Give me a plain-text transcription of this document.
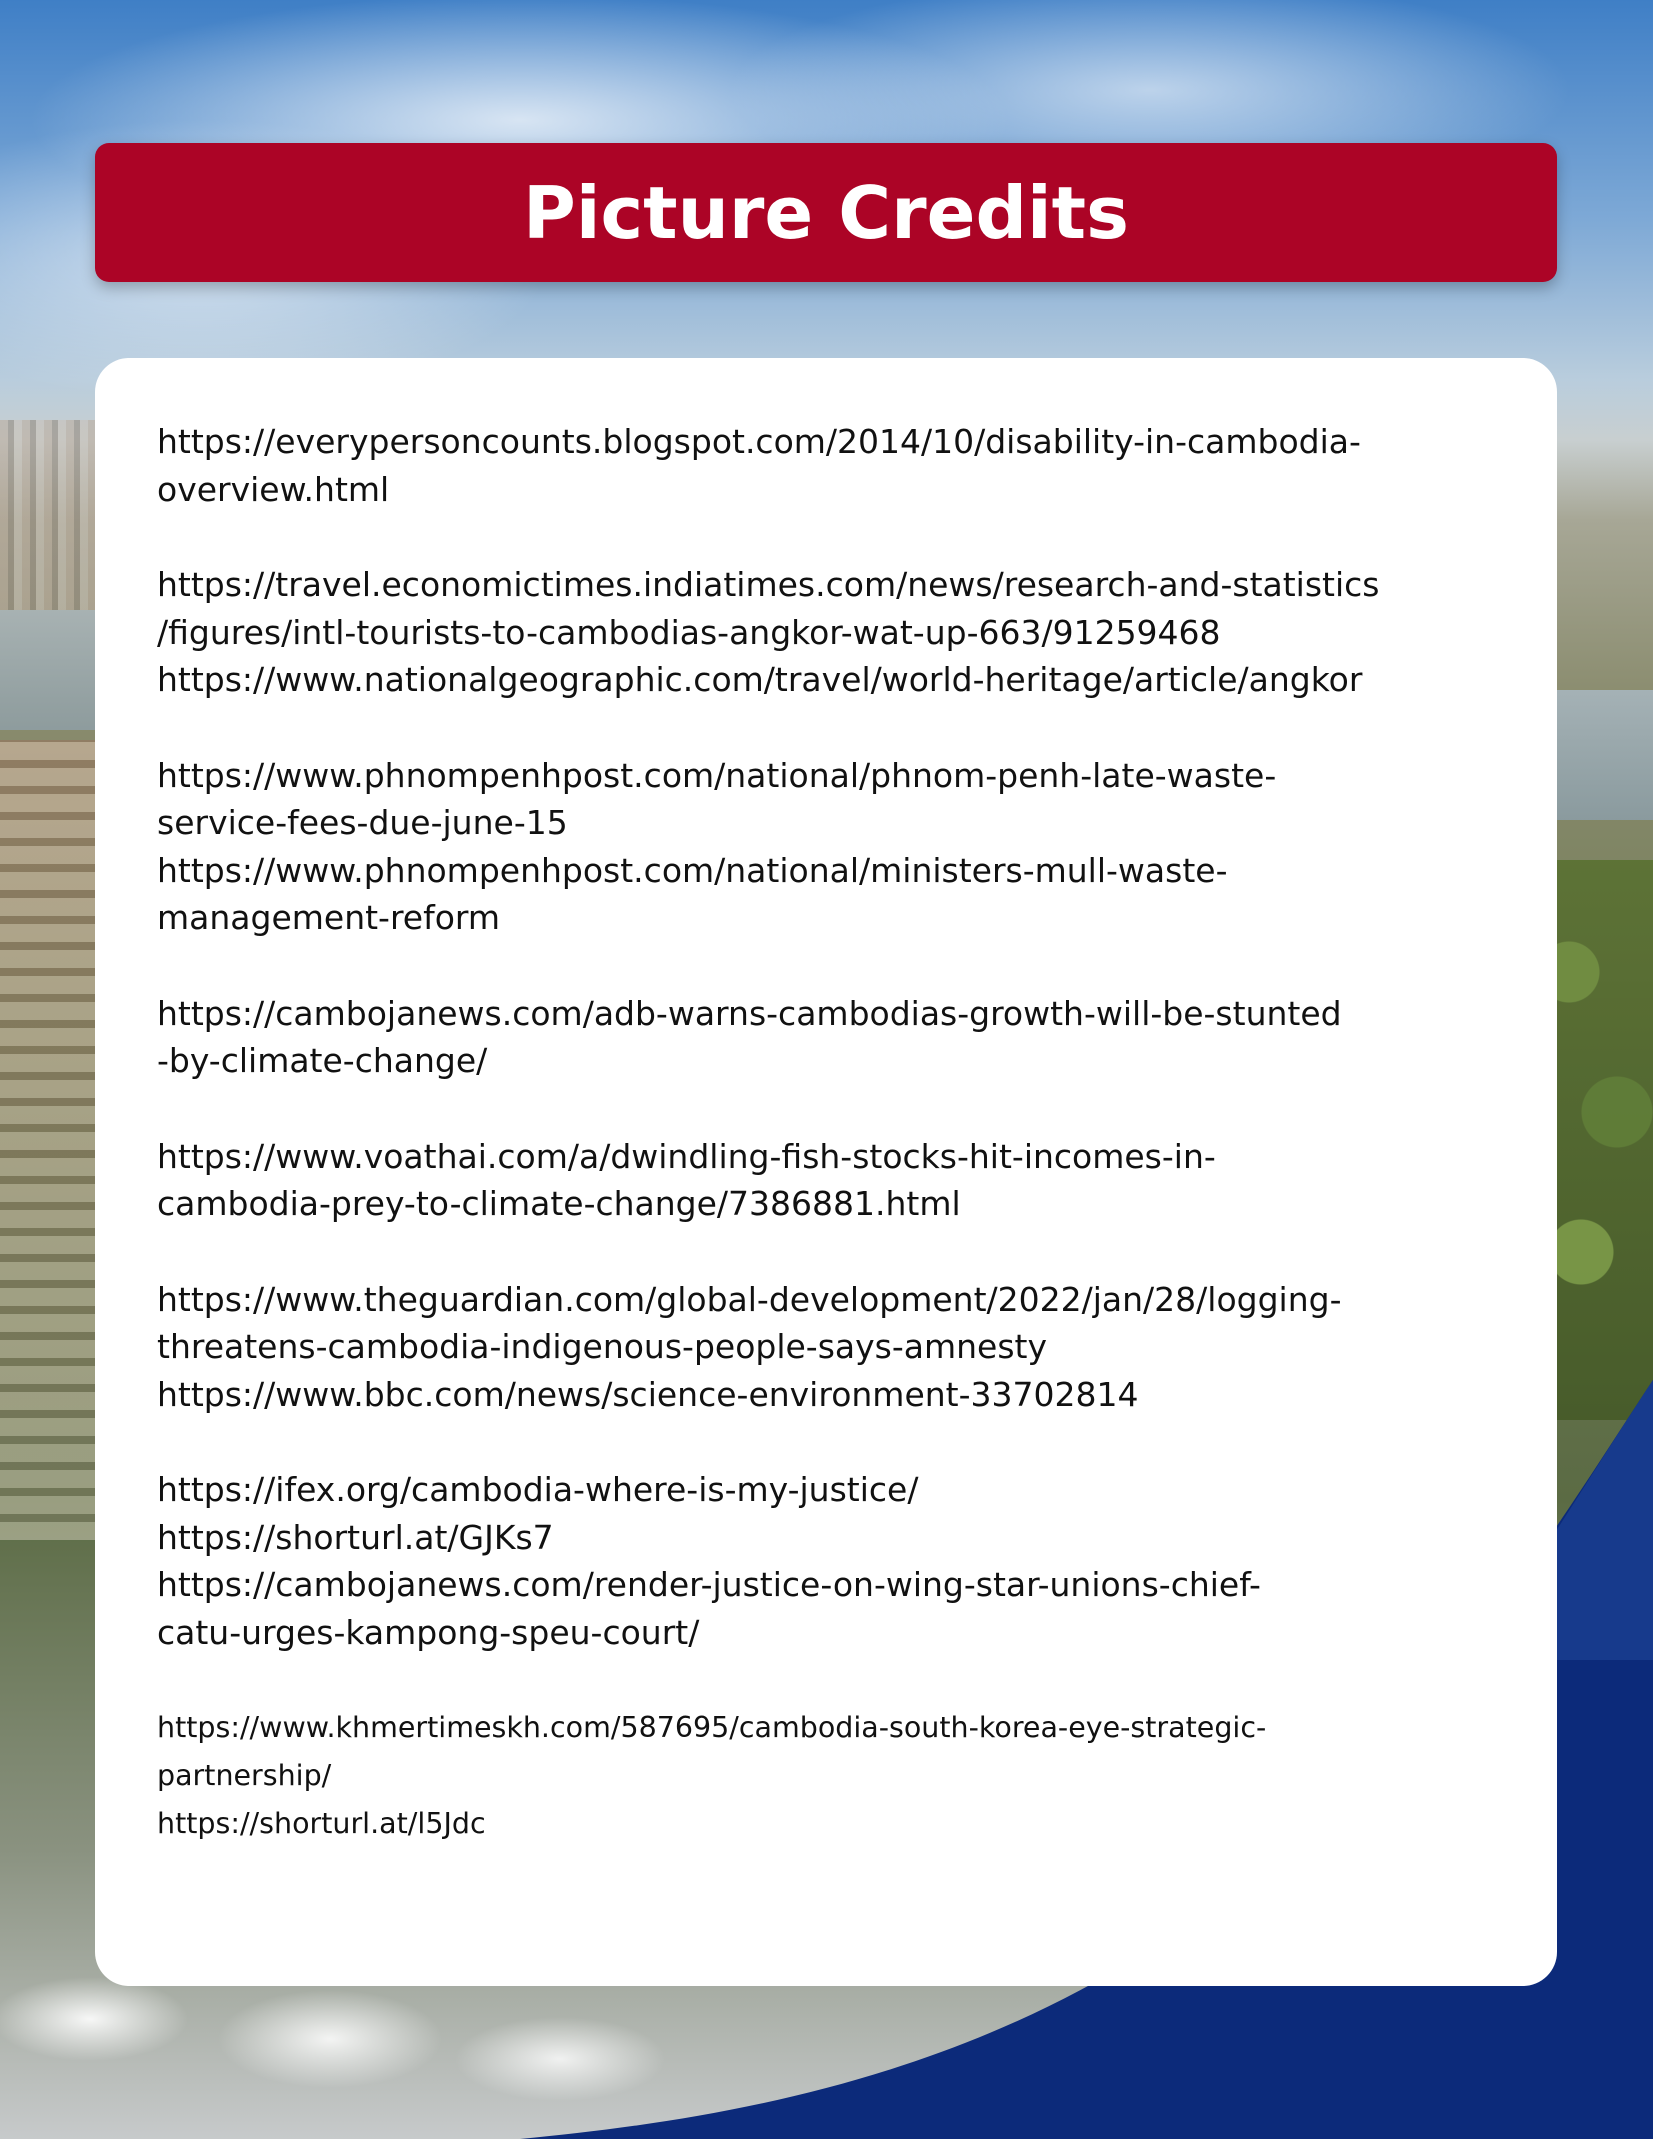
Picture Credits
https://everypersoncounts.blogspot.com/2014/10/disability-in-cambodia-
overview.html
https://travel.economictimes.indiatimes.com/news/research-and-statistics
/figures/intl-tourists-to-cambodias-angkor-wat-up-663/91259468
https://www.nationalgeographic.com/travel/world-heritage/article/angkor
https://www.phnompenhpost.com/national/phnom-penh-late-waste-
service-fees-due-june-15
https://www.phnompenhpost.com/national/ministers-mull-waste-
management-reform
https://cambojanews.com/adb-warns-cambodias-growth-will-be-stunted
-by-climate-change/
https://www.voathai.com/a/dwindling-fish-stocks-hit-incomes-in-
cambodia-prey-to-climate-change/7386881.html
https://www.theguardian.com/global-development/2022/jan/28/logging-
threatens-cambodia-indigenous-people-says-amnesty
https://www.bbc.com/news/science-environment-33702814
https://ifex.org/cambodia-where-is-my-justice/
https://shorturl.at/GJKs7
https://cambojanews.com/render-justice-on-wing-star-unions-chief-
catu-urges-kampong-speu-court/
https://www.khmertimeskh.com/587695/cambodia-south-korea-eye-strategic-
partnership/
https://shorturl.at/l5Jdc
